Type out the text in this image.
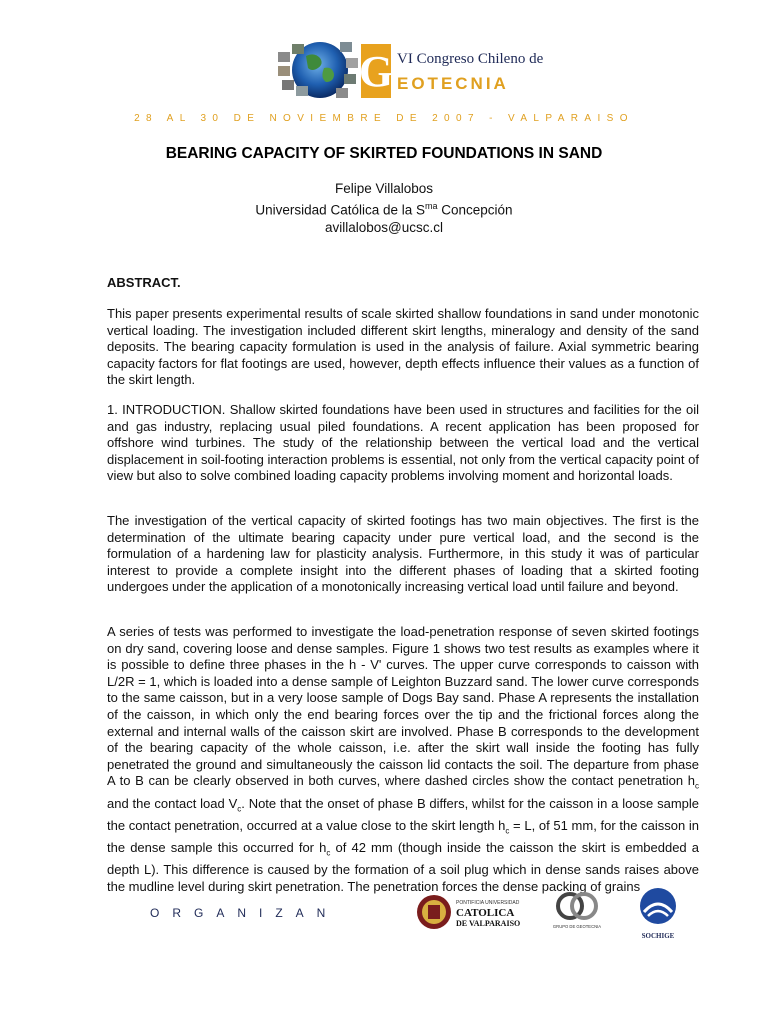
G VI Congreso Chileno de
EOTECNIA
28 AL 30 DE NOVIEMBRE DE 2007 - VALPARAISO
BEARING CAPACITY OF SKIRTED FOUNDATIONS IN SAND
Felipe Villalobos
Universidad Católica de la $S^{ma}$ Concepción
avillalobos@ucsc.cl
ABSTRACT.

This paper presents experimental results of scale skirted shallow foundations in sand under monotonic vertical loading. The investigation included different skirt lengths, mineralogy and density of the sand deposits. The bearing capacity formulation is used in the analysis of failure. Axial symmetric bearing capacity factors for flat footings are used, however, depth effects influence their values as a function of the skirt length.

1. INTRODUCTION. Shallow skirted foundations have been used in structures and facilities for the oil and gas industry, replacing usual piled foundations. A recent application has been proposed for offshore wind turbines. The study of the relationship between the vertical load and the vertical displacement in soil-footing interaction problems is essential, not only from the vertical capacity point of view but also to solve combined loading capacity problems involving moment and horizontal loads.

The investigation of the vertical capacity of skirted footings has two main objectives. The first is the determination of the ultimate bearing capacity under pure vertical load, and the second is the formulation of a hardening law for plasticity analysis. Furthermore, in this study it was of particular interest to provide a complete insight into the different phases of loading that a skirted footing undergoes under the application of a monotonically increasing vertical load until failure and beyond.

A series of tests was performed to investigate the load-penetration response of seven skirted footings on dry sand, covering loose and dense samples. Figure 1 shows two test results as examples where it is possible to define three phases in the h - V' curves. The upper curve corresponds to caisson with L/2R = 1, which is loaded into a dense sample of Leighton Buzzard sand. The lower curve corresponds to the same caisson, but in a very loose sample of Dogs Bay sand. Phase A represents the installation of the caisson, in which only the end bearing forces over the tip and the frictional forces along the external and internal walls of the caisson skirt are involved. Phase B corresponds to the development of the bearing capacity of the whole caisson, i.e. after the skirt wall inside the footing has fully penetrated the ground and simultaneously the caisson lid contacts the soil. The departure from phase A to B can be clearly observed in both curves, where dashed circles show the contact penetration $h_c$ and the contact load $V_c$. Note that the onset of phase B differs, whilst for the caisson in a loose sample the contact penetration, occurred at a value close to the skirt length $h_c = L$, of 51 mm, for the caisson in the dense sample this occurred for $h_c$ of 42 mm (though inside the caisson the skirt is embedded a depth L). This difference is caused by the formation of a soil plug which in dense sands raises above the mudline level during skirt penetration. The penetration forces the dense packing of grains

ORGANIZAN
PONTIFICIA UNIVERSIDAD
CATOLICA
DE VALPARAISO	GRUPO DE GEOTECNIA
SOCHIGE
